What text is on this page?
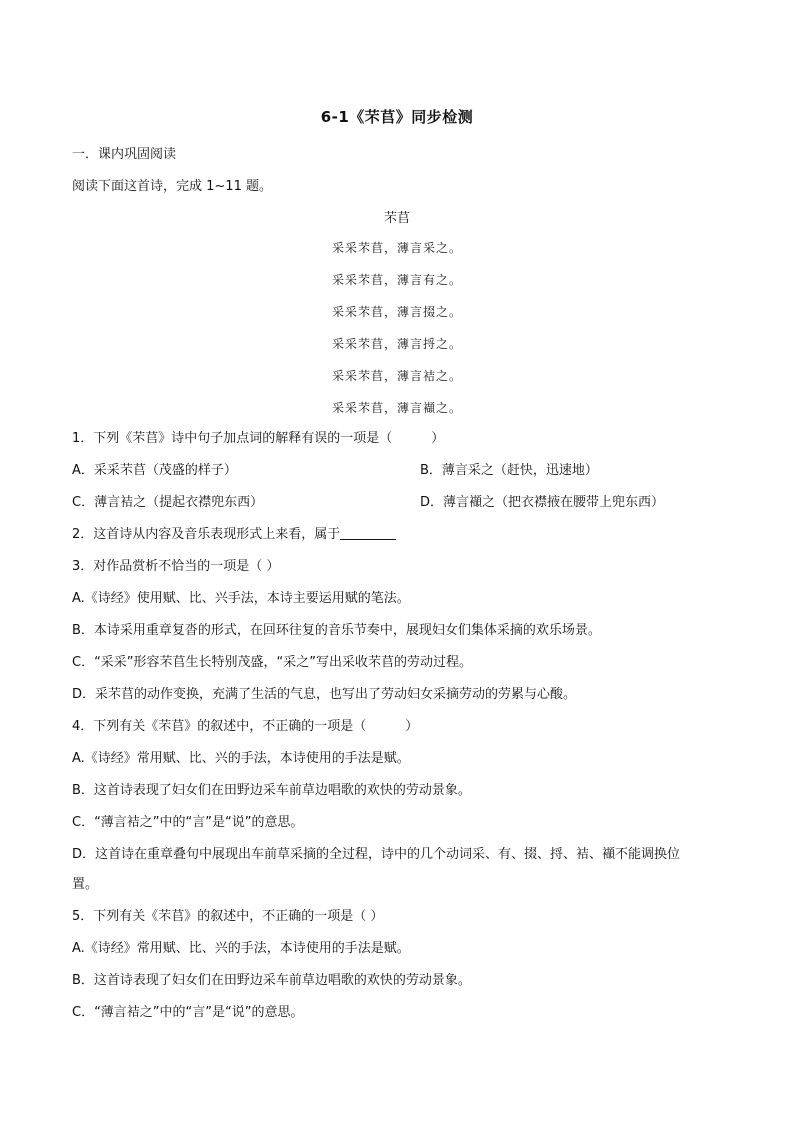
6-1《芣苢》同步检测
一．课内巩固阅读
阅读下面这首诗，完成 1~11 题。
芣苢
采采芣苢，薄言采之。
采采芣苢，薄言有之。
采采芣苢，薄言掇之。
采采芣苢，薄言捋之。
采采芣苢，薄言袺之。
采采芣苢，薄言襭之。
1．下列《芣苢》诗中句子加点词的解释有误的一项是（　　　）
A．采采芣苢（茂盛的样子）	B．薄言采之（赶快，迅速地）
C．薄言袺之（提起衣襟兜东西）	D．薄言襭之（把衣襟掖在腰带上兜东西）
2．这首诗从内容及音乐表现形式上来看，属于
3．对作品赏析不恰当的一项是（ ）
A.《诗经》使用赋、比、兴手法，本诗主要运用赋的笔法。
B．本诗采用重章复沓的形式，在回环往复的音乐节奏中，展现妇女们集体采摘的欢乐场景。
C．“采采”形容芣苢生长特别茂盛，“采之”写出采收芣苢的劳动过程。
D．采芣苢的动作变换，充满了生活的气息，也写出了劳动妇女采摘劳动的劳累与心酸。
4．下列有关《芣苢》的叙述中，不正确的一项是（　　　）
A.《诗经》常用赋、比、兴的手法，本诗使用的手法是赋。
B．这首诗表现了妇女们在田野边采车前草边唱歌的欢快的劳动景象。
C．“薄言袺之”中的“言”是“说”的意思。
D．这首诗在重章叠句中展现出车前草采摘的全过程，诗中的几个动词采、有、掇、捋、袺、襭不能调换位
置。
5．下列有关《芣苢》的叙述中，不正确的一项是（ ）
A.《诗经》常用赋、比、兴的手法，本诗使用的手法是赋。
B．这首诗表现了妇女们在田野边采车前草边唱歌的欢快的劳动景象。
C．“薄言袺之”中的“言”是“说”的意思。
